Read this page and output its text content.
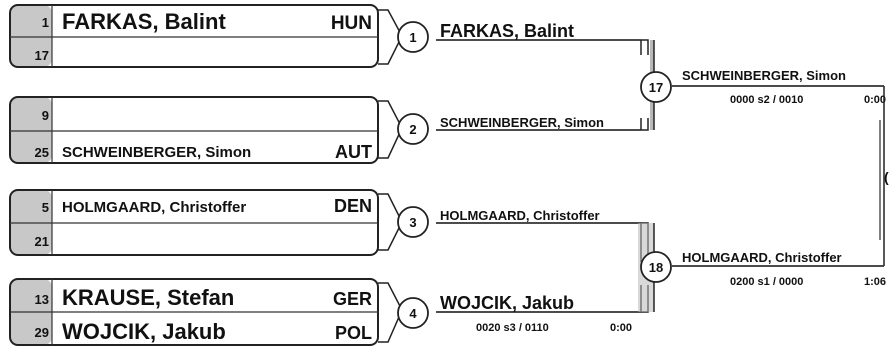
1 FARKAS, Balint	HUN
17
9
25 SCHWEINBERGER, Simon	AUT
5 HOLMGAARD, Christoffer	DEN
21
13 KRAUSE, Stefan	GER
29 WOJCIK, Jakub	POL
1
2
3
4
FARKAS, Balint
SCHWEINBERGER, Simon
HOLMGAARD, Christoffer
WOJCIK, Jakub
0020 s3 / 0110	0:00
17
18
SCHWEINBERGER, Simon
0000 s2 / 0010	0:00
HOLMGAARD, Christoffer
0200 s1 / 0000	1:06
(
